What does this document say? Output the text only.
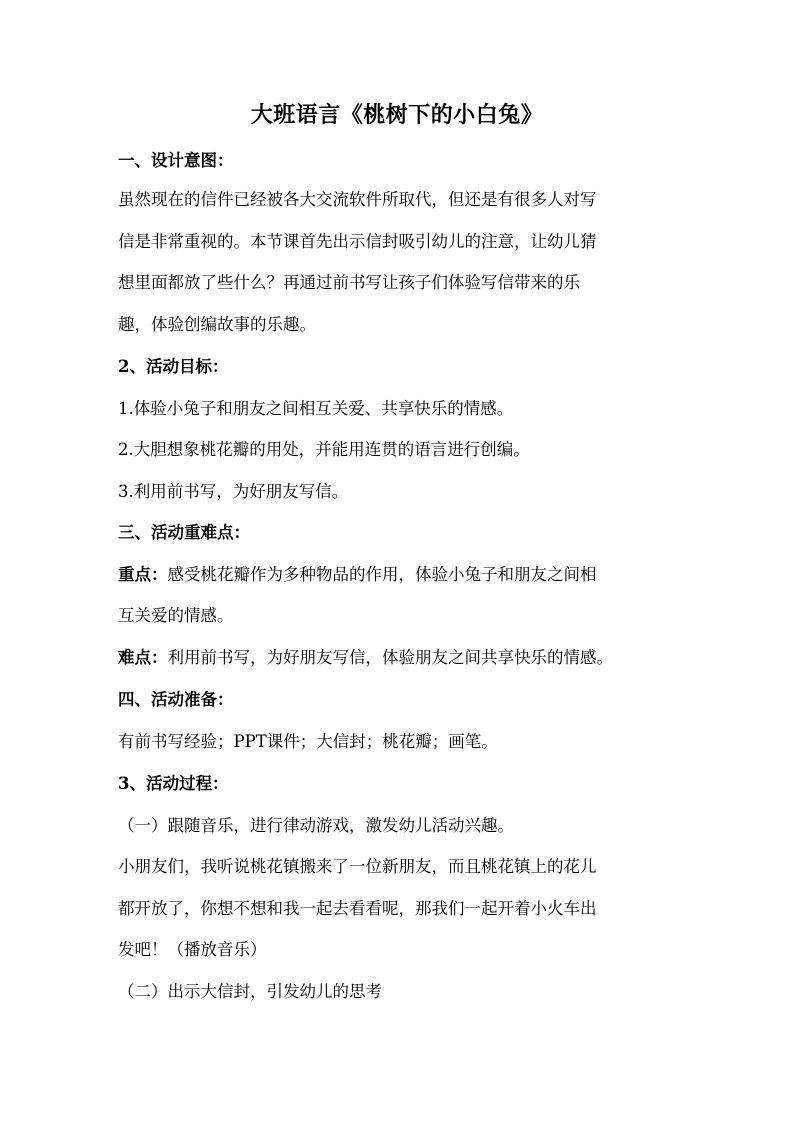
大班语言《桃树下的小白兔》
一、设计意图：
虽然现在的信件已经被各大交流软件所取代，但还是有很多人对写
信是非常重视的。本节课首先出示信封吸引幼儿的注意，让幼儿猜
想里面都放了些什么？再通过前书写让孩子们体验写信带来的乐
趣，体验创编故事的乐趣。
2、活动目标：
1.体验小兔子和朋友之间相互关爱、共享快乐的情感。
2.大胆想象桃花瓣的用处，并能用连贯的语言进行创编。
3.利用前书写，为好朋友写信。
三、活动重难点：
重点：感受桃花瓣作为多种物品的作用，体验小兔子和朋友之间相
互关爱的情感。
难点：利用前书写，为好朋友写信，体验朋友之间共享快乐的情感。
四、活动准备：
有前书写经验；PPT课件；大信封；桃花瓣；画笔。
3、活动过程：
（一）跟随音乐，进行律动游戏，激发幼儿活动兴趣。
小朋友们，我听说桃花镇搬来了一位新朋友，而且桃花镇上的花儿
都开放了，你想不想和我一起去看看呢，那我们一起开着小火车出
发吧！（播放音乐）
（二）出示大信封，引发幼儿的思考
